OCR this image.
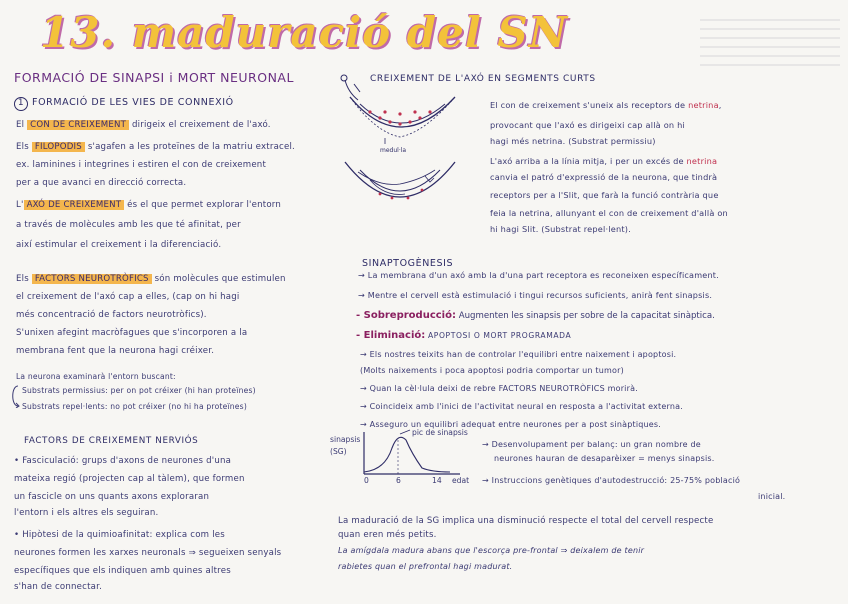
13. maduració del SN
FORMACIÓ DE SINAPSI i MORT NEURONAL
1 FORMACIÓ DE LES VIES DE CONNEXIÓ
El CON DE CREIXEMENT dirigeix el creixement de l'axó.
Els FILOPODIS s'agafen a les proteïnes de la matriu extracel.
ex. laminines i integrines i estiren el con de creixement
per a que avanci en direcció correcta.
L' AXÓ DE CREIXEMENT és el que permet explorar l'entorn
a través de molècules amb les que té afinitat, per
així estimular el creixement i la diferenciació.
Els FACTORS NEUROTRÒFICS són molècules que estimulen
el creixement de l'axó cap a elles, (cap on hi hagi
més concentració de factors neurotròfics).
S'unixen afegint macròfagues que s'incorporen a la
membrana fent que la neurona hagi créixer.
La neurona examinarà l'entorn buscant:
Substrats permissius: per on pot créixer (hi han proteïnes)
Substrats repel·lents: no pot créixer (no hi ha proteïnes)
FACTORS DE CREIXEMENT NERVIÓS
• Fasciculació: grups d'axons de neurones d'una
mateixa regió (projecten cap al tàlem), que formen
un fascicle on uns quants axons exploraran
l'entorn i els altres els seguiran.
• Hipòtesi de la quimioafinitat: explica com les
neurones formen les xarxes neuronals ⇒ segueixen senyals
específiques que els indiquen amb quines altres
s'han de connectar.
CREIXEMENT DE L'AXÓ EN SEGMENTS CURTS
medul·la
El con de creixement s'uneix als receptors de netrina,
provocant que l'axó es dirigeixi cap allà on hi
hagi més netrina. (Substrat permissiu)
L'axó arriba a la línia mitja, i per un excés de netrina
canvia el patró d'expressió de la neurona, que tindrà
receptors per a l'Slit, que farà la funció contrària que
feia la netrina, allunyant el con de creixement d'allà on
hi hagi Slit. (Substrat repel·lent).
SINAPTOGÈNESIS
→ La membrana d'un axó amb la d'una part receptora es reconeixen específicament.
→ Mentre el cervell està estimulació i tingui recursos suficients, anirà fent sinapsis.
- Sobreproducció: Augmenten les sinapsis per sobre de la capacitat sinàptica.
- Eliminació: APOPTOSI O MORT PROGRAMADA
→ Els nostres teixits han de controlar l'equilibri entre naixement i apoptosi.
(Molts naixements i poca apoptosi podria comportar un tumor)
→ Quan la cèl·lula deixi de rebre FACTORS NEUROTRÒFICS morirà.
→ Coincideix amb l'inici de l'activitat neural en resposta a l'activitat externa.
→ Asseguro un equilibri adequat entre neurones per a post sinàptiques.
sinapsis (SG)
pic de sinapsis
0	6	14 edat
→ Desenvolupament per balanç: un gran nombre de
neurones hauran de desaparèixer = menys sinapsis.
→ Instruccions genètiques d'autodestrucció: 25-75% població
inicial.
La maduració de la SG implica una disminució respecte el total del cervell respecte
quan eren més petits.
La amígdala madura abans que l'escorça pre-frontal ⇒ deixalem de tenir
rabietes quan el prefrontal hagi madurat.
